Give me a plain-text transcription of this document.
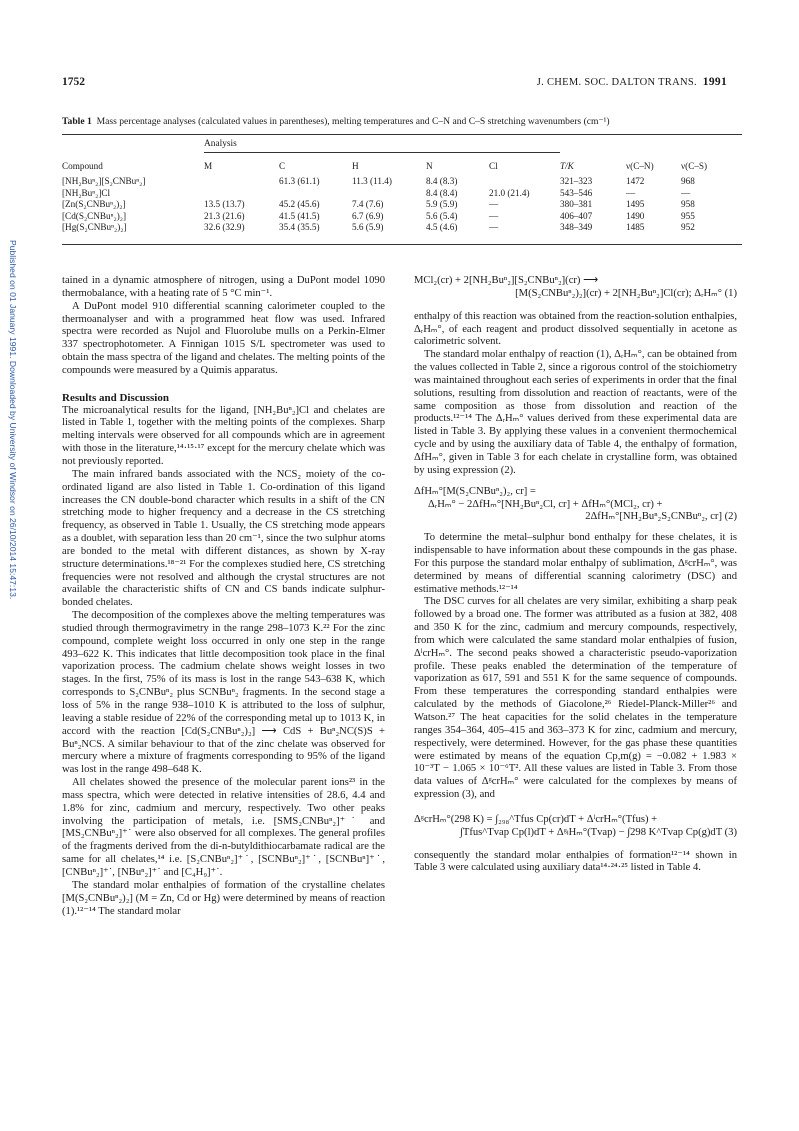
Published on 01 January 1991. Downloaded by University of Windsor on 26/10/2014 15:47:13.
1752	J. CHEM. SOC. DALTON TRANS. 1991
Table 1 Mass percentage analyses (calculated values in parentheses), melting temperatures and C–N and C–S stretching wavenumbers (cm⁻¹)
Analysis
Compound	M	C	H	N	Cl	T/K	ν(C–N)	ν(C–S)
[NH₂Buⁿ₂][S₂CNBuⁿ₂]		61.3 (61.1)	11.3 (11.4)	8.4 (8.3)		321–323	1472	968
[NH₂Buⁿ₂]Cl				8.4 (8.4)	21.0 (21.4)	543–546	—	—
[Zn(S₂CNBuⁿ₂)₂]	13.5 (13.7)	45.2 (45.6)	7.4 (7.6)	5.9 (5.9)	—	380–381	1495	958
[Cd(S₂CNBuⁿ₂)₂]	21.3 (21.6)	41.5 (41.5)	6.7 (6.9)	5.6 (5.4)	—	406–407	1490	955
[Hg(S₂CNBuⁿ₂)₂]	32.6 (32.9)	35.4 (35.5)	5.6 (5.9)	4.5 (4.6)	—	348–349	1485	952

tained in a dynamic atmosphere of nitrogen, using a DuPont model 1090 thermobalance, with a heating rate of 5 °C min⁻¹.

A DuPont model 910 differential scanning calorimeter coupled to the thermoanalyser and with a programmed heat flow was used. Infrared spectra were recorded as Nujol and Fluorolube mulls on a Perkin-Elmer 337 spectrophotometer. A Finnigan 1015 S/L spectrometer was used to obtain the mass spectra of the ligand and chelates. The melting points of the compounds were measured by a Quimis apparatus.

Results and Discussion

The microanalytical results for the ligand, [NH₂Buⁿ₂]Cl and chelates are listed in Table 1, together with the melting points of the complexes. Sharp melting intervals were observed for all compounds which are in agreement with those in the literature,¹⁴·¹⁵·¹⁷ except for the mercury chelate which was not previously reported.

The main infrared bands associated with the NCS₂ moiety of the co-ordinated ligand are also listed in Table 1. Co-ordination of this ligand increases the CN double-bond character which results in a shift of the CN stretching mode to higher frequency and a decrease in the CS stretching frequency, as observed in Table 1. Usually, the CS stretching mode appears as a doublet, with separation less than 20 cm⁻¹, since the two sulphur atoms are bonded to the metal with different distances, as shown by X-ray structure determinations.¹⁸⁻²¹ For the complexes studied here, CS stretching frequencies were not resolved and although the crystal structures are not available the characteristic shifts of CN and CS bands indicate sulphur-bonded chelates.

The decomposition of the complexes above the melting temperatures was studied through thermogravimetry in the range 298–1073 K.²² For the zinc compound, complete weight loss occurred in only one step in the range 493–622 K. This indicates that little decomposition took place in the final vaporization process. The cadmium chelate shows weight losses in two stages. In the first, 75% of its mass is lost in the range 543–638 K, which corresponds to S₂CNBuⁿ₂ plus SCNBuⁿ₂ fragments. In the second stage a loss of 5% in the range 938–1010 K is attributed to the loss of sulphur, leaving a stable residue of 22% of the corresponding metal up to 1013 K, in accord with the reaction [Cd(S₂CNBuⁿ₂)₂] ⟶ CdS + Buⁿ₂NC(S)S + Buⁿ₂NCS. A similar behaviour to that of the zinc chelate was observed for mercury where a mixture of fragments corresponding to 95% of the ligand was lost in the range 498–648 K.

All chelates showed the presence of the molecular parent ions²³ in the mass spectra, which were detected in relative intensities of 28.6, 4.4 and 1.8% for zinc, cadmium and mercury, respectively. Two other peaks involving the participation of metals, i.e. [SMS₂CNBuⁿ₂]⁺˙ and [MS₂CNBuⁿ₂]⁺˙ were also observed for all complexes. The general profiles of the fragments derived from the di-n-butyldithiocarbamate radical are the same for all chelates,¹⁴ i.e. [S₂CNBuⁿ₂]⁺˙, [SCNBuⁿ₂]⁺˙, [SCNBuⁿ]⁺˙, [CNBuⁿ₂]⁺˙, [NBuⁿ₂]⁺˙ and [C₄H₉]⁺˙.

The standard molar enthalpies of formation of the crystalline chelates [M(S₂CNBuⁿ₂)₂] (M = Zn, Cd or Hg) were determined by means of reaction (1).¹²⁻¹⁴ The standard molar

MCl₂(cr) + 2[NH₂Buⁿ₂][S₂CNBuⁿ₂](cr) ⟶

[M(S₂CNBuⁿ₂)₂](cr) + 2[NH₂Buⁿ₂]Cl(cr); ΔᵣHₘ° (1)

enthalpy of this reaction was obtained from the reaction-solution enthalpies, ΔᵣHₘ°, of each reagent and product dissolved sequentially in acetone as calorimetric solvent.

The standard molar enthalpy of reaction (1), ΔᵣHₘ°, can be obtained from the values collected in Table 2, since a rigorous control of the stoichiometry was maintained throughout each series of experiments in order that the final solutions, resulting from dissolution and reaction of reactants, were of the same composition as those from dissolution and reaction of the products.¹²⁻¹⁴ The ΔᵣHₘ° values derived from these experimental data are listed in Table 3. By applying these values in a convenient thermochemical cycle and by using the auxiliary data of Table 4, the enthalpy of formation, ΔfHₘ°, given in Table 3 for each chelate in crystalline form, was obtained by using expression (2).

ΔfHₘ°[M(S₂CNBuⁿ₂)₂, cr] =

ΔᵣHₘ° − 2ΔfHₘ°[NH₂Buⁿ₂Cl, cr] + ΔfHₘ°(MCl₂, cr) +

2ΔfHₘ°[NH₂Buⁿ₂S₂CNBuⁿ₂, cr] (2)

To determine the metal–sulphur bond enthalpy for these chelates, it is indispensable to have information about these compounds in the gas phase. For this purpose the standard molar enthalpy of sublimation, ΔᵍcrHₘ°, was determined by means of differential scanning calorimetry (DSC) and estimative methods.¹²⁻¹⁴

The DSC curves for all chelates are very similar, exhibiting a sharp peak followed by a broad one. The former was attributed as a fusion at 382, 408 and 350 K for the zinc, cadmium and mercury compounds, respectively, from which were calculated the same standard molar enthalpies of fusion, ΔˡcrHₘ°. The second peaks showed a characteristic pseudo-vaporization profile. These peaks enabled the determination of the temperature of vaporization as 617, 591 and 551 K for the same sequence of compounds. From these temperatures the corresponding standard enthalpies were calculated by the methods of Giacolone,²⁶ Riedel-Planck-Miller²⁶ and Watson.²⁷ The heat capacities for the solid chelates in the temperature ranges 354–364, 405–415 and 363–373 K for zinc, cadmium and mercury, respectively, were determined. However, for the gas phase these quantities were estimated by means of the equation Cp,m(g) = −0.082 + 1.983 × 10⁻³T − 1.065 × 10⁻⁶T². All these values are listed in Table 3. From those data values of ΔᵍcrHₘ° were calculated for the complexes by means of expression (3), and

ΔᵍcrHₘ°(298 K) = ∫₂₉₈^Tfus Cp(cr)dT + ΔˡcrHₘ°(Tfus) +

∫Tfus^Tvap Cp(l)dT + ΔᵍₗHₘ°(Tvap) − ∫298 K^Tvap Cp(g)dT (3)

consequently the standard molar enthalpies of formation¹²⁻¹⁴ shown in Table 3 were calculated using auxiliary data¹⁴·²⁴·²⁵ listed in Table 4.
